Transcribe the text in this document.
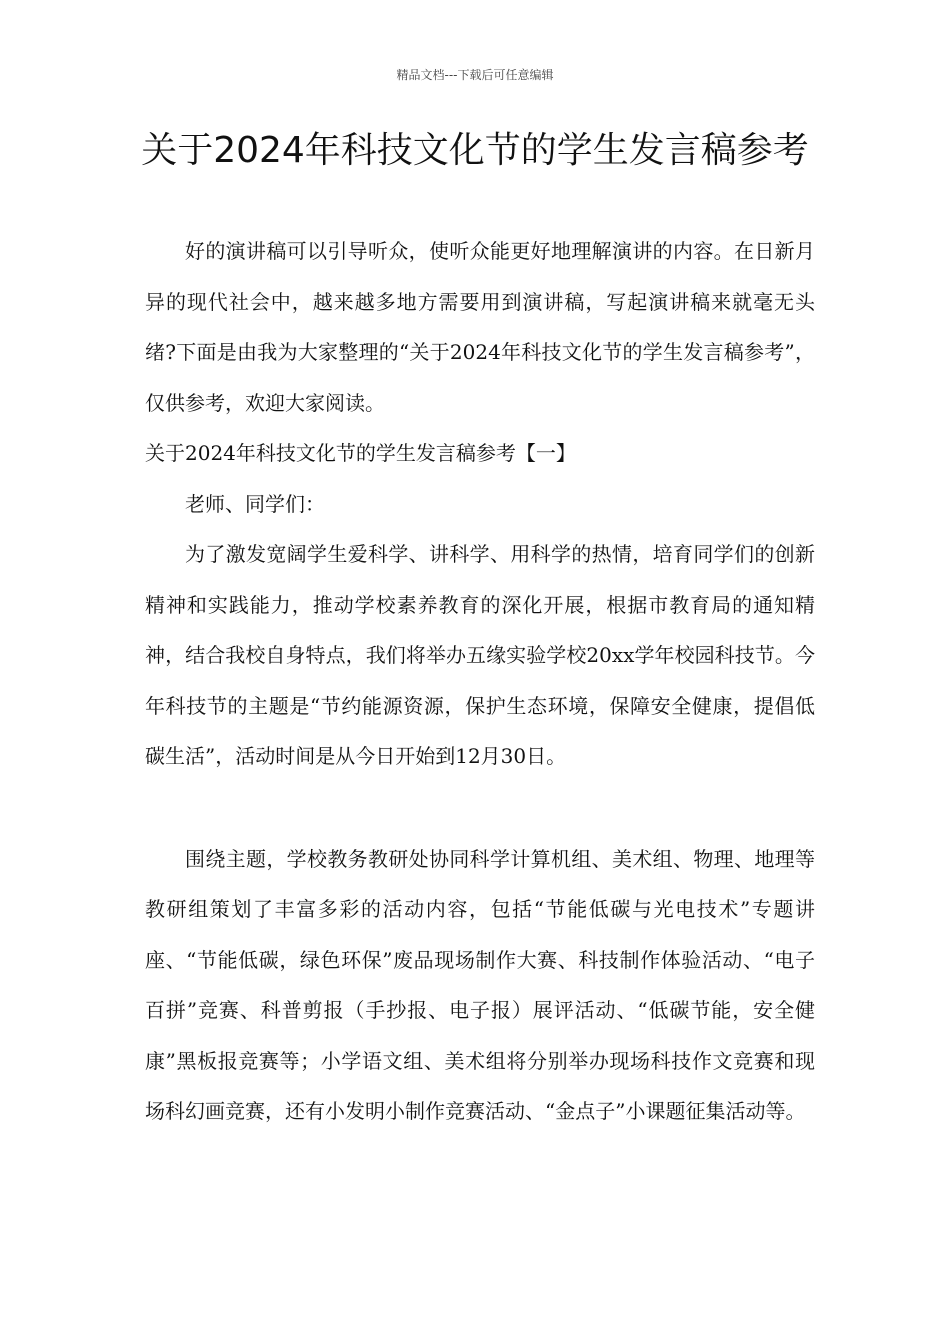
精品文档---下载后可任意编辑
关于2024年科技文化节的学生发言稿参考

好的演讲稿可以引导听众，使听众能更好地理解演讲的内容。在日新月异的现代社会中，越来越多地方需要用到演讲稿，写起演讲稿来就毫无头绪?下面是由我为大家整理的“关于2024年科技文化节的学生发言稿参考”，仅供参考，欢迎大家阅读。

关于2024年科技文化节的学生发言稿参考【一】

老师、同学们：

为了激发宽阔学生爱科学、讲科学、用科学的热情，培育同学们的创新精神和实践能力，推动学校素养教育的深化开展，根据市教育局的通知精神，结合我校自身特点，我们将举办五缘实验学校20xx学年校园科技节。今年科技节的主题是“节约能源资源，保护生态环境，保障安全健康，提倡低碳生活”，活动时间是从今日开始到12月30日。

围绕主题，学校教务教研处协同科学计算机组、美术组、物理、地理等教研组策划了丰富多彩的活动内容，包括“节能低碳与光电技术”专题讲座、“节能低碳，绿色环保”废品现场制作大赛、科技制作体验活动、“电子百拼”竞赛、科普剪报（手抄报、电子报）展评活动、“低碳节能，安全健康”黑板报竞赛等；小学语文组、美术组将分别举办现场科技作文竞赛和现场科幻画竞赛，还有小发明小制作竞赛活动、“金点子”小课题征集活动等。
